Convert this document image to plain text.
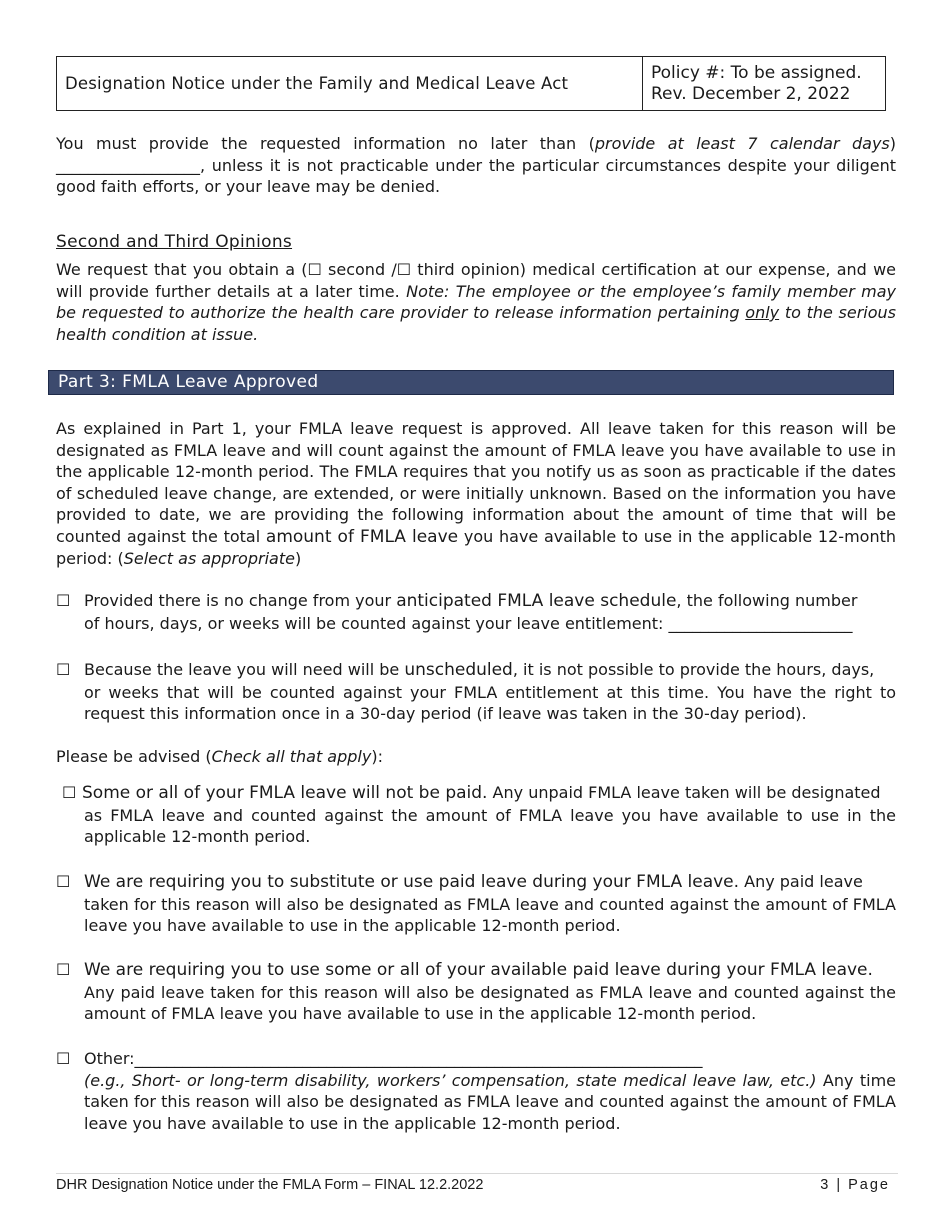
Designation Notice under the Family and Medical Leave Act
Policy #: To be assigned.
Rev. December 2, 2022
You must provide the requested information no later than (provide at least 7 calendar days) __________________, unless it is not practicable under the particular circumstances despite your diligent good faith efforts, or your leave may be denied.
Second and Third Opinions
We request that you obtain a (☐ second /☐ third opinion) medical certification at our expense, and we will provide further details at a later time. Note: The employee or the employee’s family member may be requested to authorize the health care provider to release information pertaining only to the serious health condition at issue.
Part 3: FMLA Leave Approved
As explained in Part 1, your FMLA leave request is approved. All leave taken for this reason will be designated as FMLA leave and will count against the amount of FMLA leave you have available to use in the applicable 12-month period. The FMLA requires that you notify us as soon as practicable if the dates of scheduled leave change, are extended, or were initially unknown. Based on the information you have provided to date, we are providing the following information about the amount of time that will be counted against the total amount of FMLA leave you have available to use in the applicable 12-month period: (Select as appropriate)
☐ Provided there is no change from your anticipated FMLA leave schedule, the following number
of hours, days, or weeks will be counted against your leave entitlement: _______________________
☐ Because the leave you will need will be unscheduled, it is not possible to provide the hours, days,
or weeks that will be counted against your FMLA entitlement at this time. You have the right to request this information once in a 30-day period (if leave was taken in the 30-day period).
Please be advised (Check all that apply):
☐ Some or all of your FMLA leave will not be paid. Any unpaid FMLA leave taken will be designated
as FMLA leave and counted against the amount of FMLA leave you have available to use in the applicable 12-month period.
☐ We are requiring you to substitute or use paid leave during your FMLA leave. Any paid leave
taken for this reason will also be designated as FMLA leave and counted against the amount of FMLA leave you have available to use in the applicable 12-month period.
☐ We are requiring you to use some or all of your available paid leave during your FMLA leave.
Any paid leave taken for this reason will also be designated as FMLA leave and counted against the amount of FMLA leave you have available to use in the applicable 12-month period.
☐ Other:_______________________________________________________________________
(e.g., Short- or long-term disability, workers’ compensation, state medical leave law, etc.) Any time taken for this reason will also be designated as FMLA leave and counted against the amount of FMLA leave you have available to use in the applicable 12-month period.
DHR Designation Notice under the FMLA Form – FINAL 12.2.2022	3 | Page
